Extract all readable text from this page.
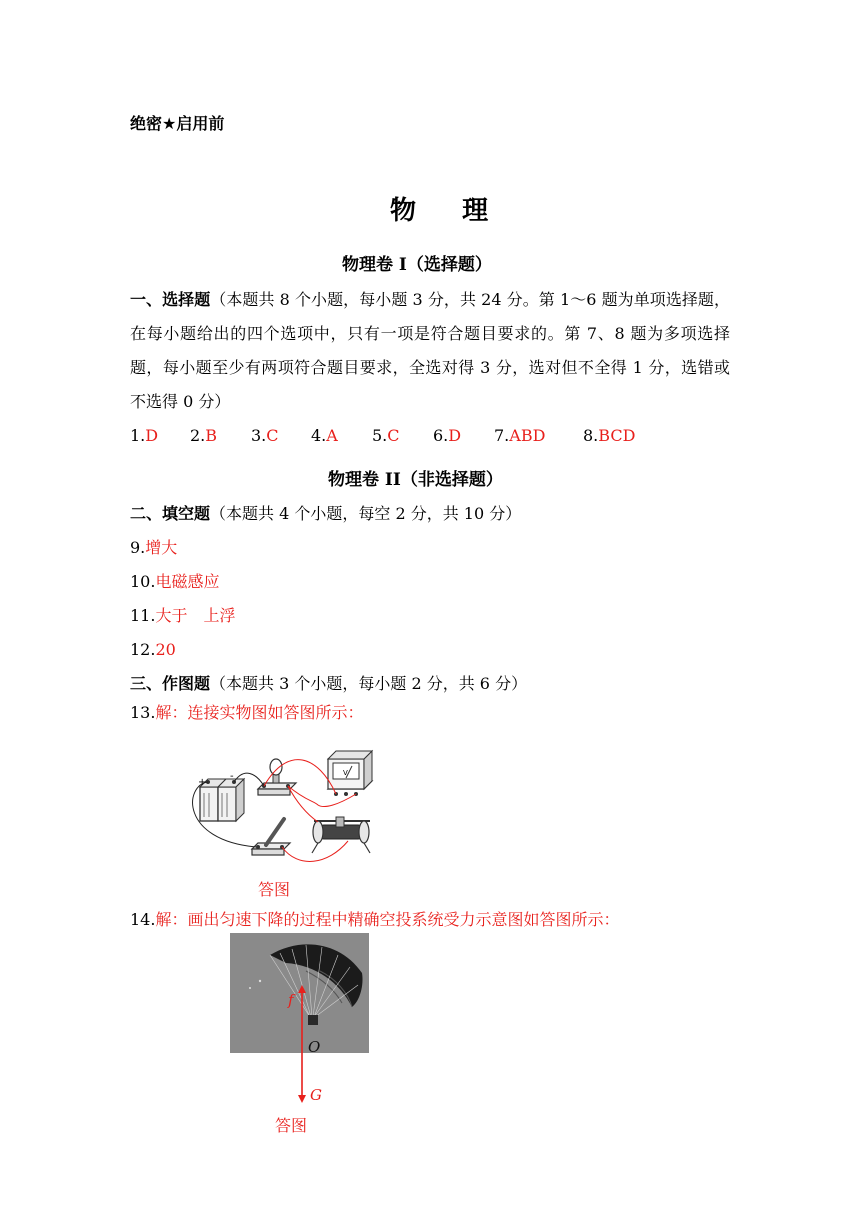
绝密★启用前
物 理
物理卷 I（选择题）
一、选择题（本题共 8 个小题，每小题 3 分，共 24 分。第 1～6 题为单项选择题，在每小题给出的四个选项中，只有一项是符合题目要求的。第 7、8 题为多项选择题，每小题至少有两项符合题目要求，全选对得 3 分，选对但不全得 1 分，选错或不选得 0 分）
1.D 2.B 3.C 4.A 5.C 6.D 7.ABD 8.BCD
物理卷 II（非选择题）
二、填空题（本题共 4 个小题，每空 2 分，共 10 分）
9.增大
10.电磁感应
11.大于　上浮
12.20
三、作图题（本题共 3 个小题，每小题 2 分，共 6 分）
13.解：连接实物图如答图所示：
+
-	V
答图
14.解：画出匀速下降的过程中精确空投系统受力示意图如答图所示：
f
O
G
答图
